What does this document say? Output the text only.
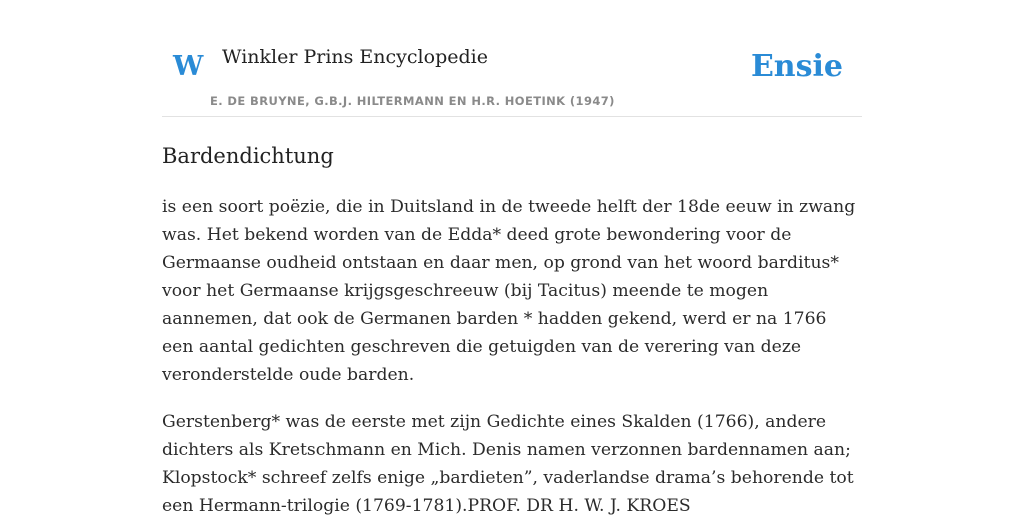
W Winkler Prins Encyclopedie
E. DE BRUYNE, G.B.J. HILTERMANN EN H.R. HOETINK (1947)
Ensie
Bardendichtung

is een soort poëzie, die in Duitsland in de tweede helft der 18de eeuw in zwang was. Het bekend worden van de Edda* deed grote bewondering voor de Germaanse oudheid ontstaan en daar men, op grond van het woord barditus* voor het Germaanse krijgsgeschreeuw (bij Tacitus) meende te mogen aannemen, dat ook de Germanen barden * hadden gekend, werd er na 1766 een aantal gedichten geschreven die getuigden van de verering van deze veronderstelde oude barden.

Gerstenberg* was de eerste met zijn Gedichte eines Skalden (1766), andere dichters als Kretschmann en Mich. Denis namen verzonnen bardennamen aan; Klopstock* schreef zelfs enige „bardieten”, vaderlandse drama’s behorende tot een Hermann-trilogie (1769-1781).PROF. DR H. W. J. KROES
